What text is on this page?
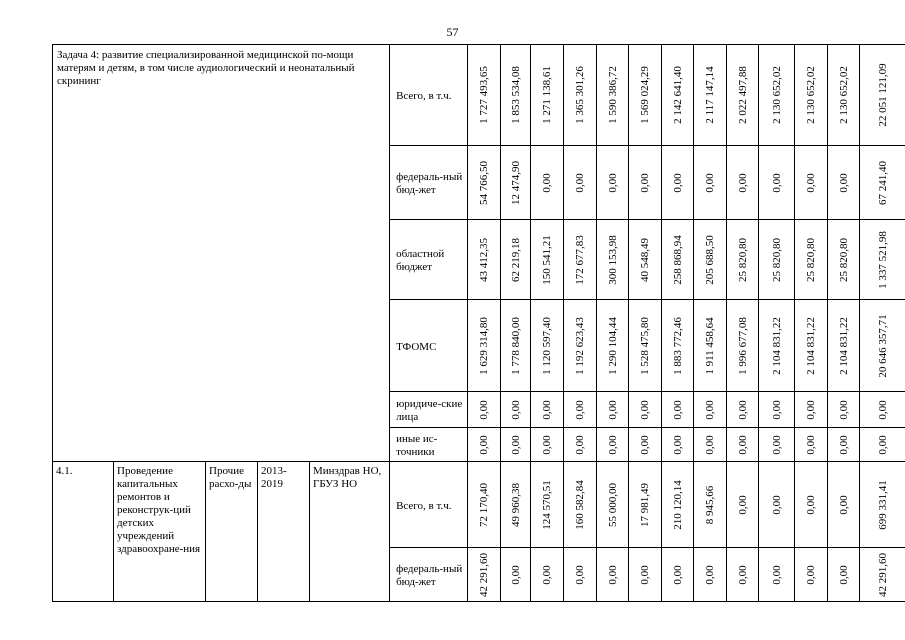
57
Задача 4: развитие специализированной медицинской по-мощи матерям и детям, в том числе аудиологический и неонатальный скрининг					Всего, в т.ч.	1 727 493,65	1 853 534,08	1 271 138,61	1 365 301,26	1 590 386,72	1 569 024,29	2 142 641,40	2 117 147,14	2 022 497,88	2 130 652,02	2 130 652,02	2 130 652,02	22 051 121,09

					федераль-ный бюд-жет	54 766,50	12 474,90	0,00	0,00	0,00	0,00	0,00	0,00	0,00	0,00	0,00	0,00	67 241,40

					областной бюджет	43 412,35	62 219,18	150 541,21	172 677,83	300 153,98	40 548,49	258 868,94	205 688,50	25 820,80	25 820,80	25 820,80	25 820,80	1 337 521,98

					ТФОМС	1 629 314,80	1 778 840,00	1 120 597,40	1 192 623,43	1 290 104,44	1 528 475,80	1 883 772,46	1 911 458,64	1 996 677,08	2 104 831,22	2 104 831,22	2 104 831,22	20 646 357,71

					юридиче-ские лица	0,00	0,00	0,00	0,00	0,00	0,00	0,00	0,00	0,00	0,00	0,00	0,00	0,00

					иные ис-точники	0,00	0,00	0,00	0,00	0,00	0,00	0,00	0,00	0,00	0,00	0,00	0,00	0,00

4.1.	Проведение капитальных ремонтов и реконструк-ций детских учреждений здравоохране-ния	Прочие расхо-ды	2013-2019	Минздрав НО, ГБУЗ НО	Всего, в т.ч.	72 170,40	49 960,38	124 570,51	160 582,84	55 000,00	17 981,49	210 120,14	8 945,66	0,00	0,00	0,00	0,00	699 331,41

					федераль-ный бюд-жет	42 291,60	0,00	0,00	0,00	0,00	0,00	0,00	0,00	0,00	0,00	0,00	0,00	42 291,60
